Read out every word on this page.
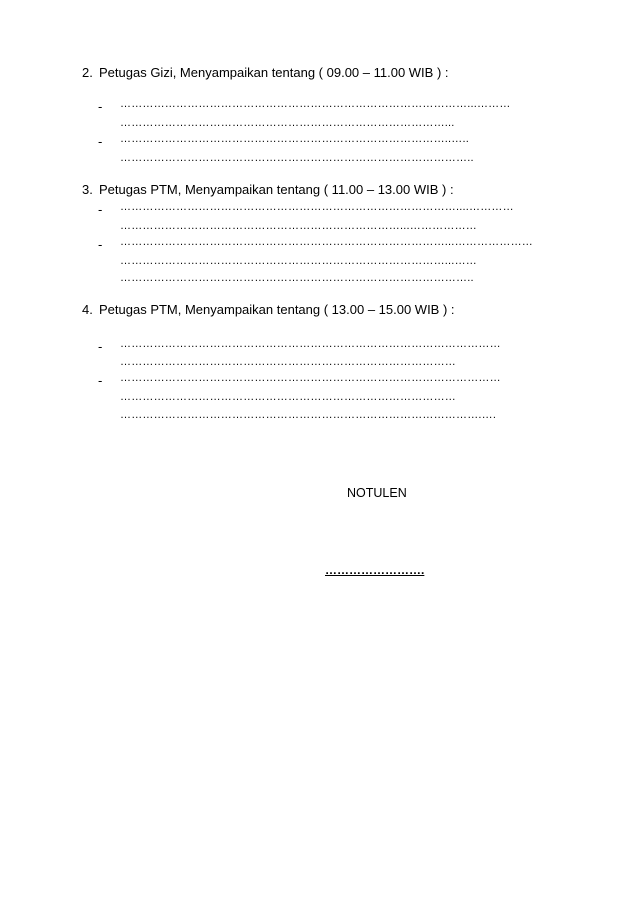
2. Petugas Gizi, Menyampaikan tentang ( 09.00 – 11.00 WIB ) :
- …………………………………………………………………………………...………
……………………………………………………………………………...
- ……………………………………………………………………………..…..
…………………………………………………………………………………..
3. Petugas PTM, Menyampaikan tentang ( 11.00 – 13.00 WIB ) :
- ………………………………………………………………………………....…………
…………………………………………………………………...………………
- ……………………………………………………………………………...…………………
……………………………………………………………………………...……
…………………………………………………………………………………..
4. Petugas PTM, Menyampaikan tentang ( 13.00 – 15.00 WIB ) :
- …………………………………………………………………………………………
………………………………………………………………………………
- …………………………………………………………………………………………
………………………………………………………………………………
…………………………………………………………………………………….….
NOTULEN
…………………….
